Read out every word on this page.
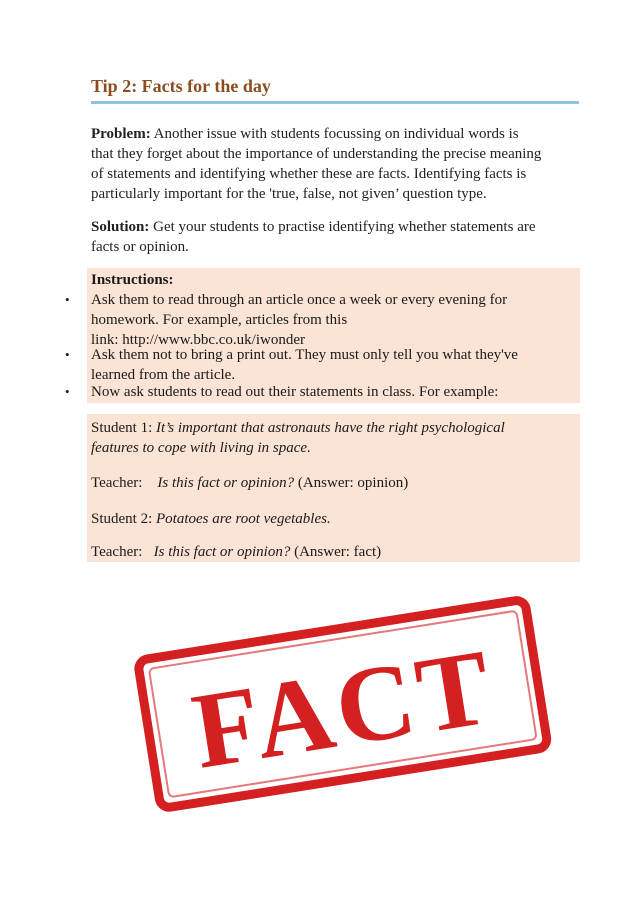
Tip 2: Facts for the day
Problem: Another issue with students focussing on individual words is
that they forget about the importance of understanding the precise meaning
of statements and identifying whether these are facts. Identifying facts is
particularly important for the 'true, false, not given’ question type.
Solution: Get your students to practise identifying whether statements are
facts or opinion.
Instructions:
• Ask them to read through an article once a week or every evening for
homework. For example, articles from this
link: http://www.bbc.co.uk/iwonder
• Ask them not to bring a print out. They must only tell you what they've
learned from the article.
• Now ask students to read out their statements in class. For example:
Student 1: It’s important that astronauts have the right psychological
features to cope with living in space.
Teacher:    Is this fact or opinion? (Answer: opinion)
Student 2: Potatoes are root vegetables.
Teacher:   Is this fact or opinion? (Answer: fact)
FACT
